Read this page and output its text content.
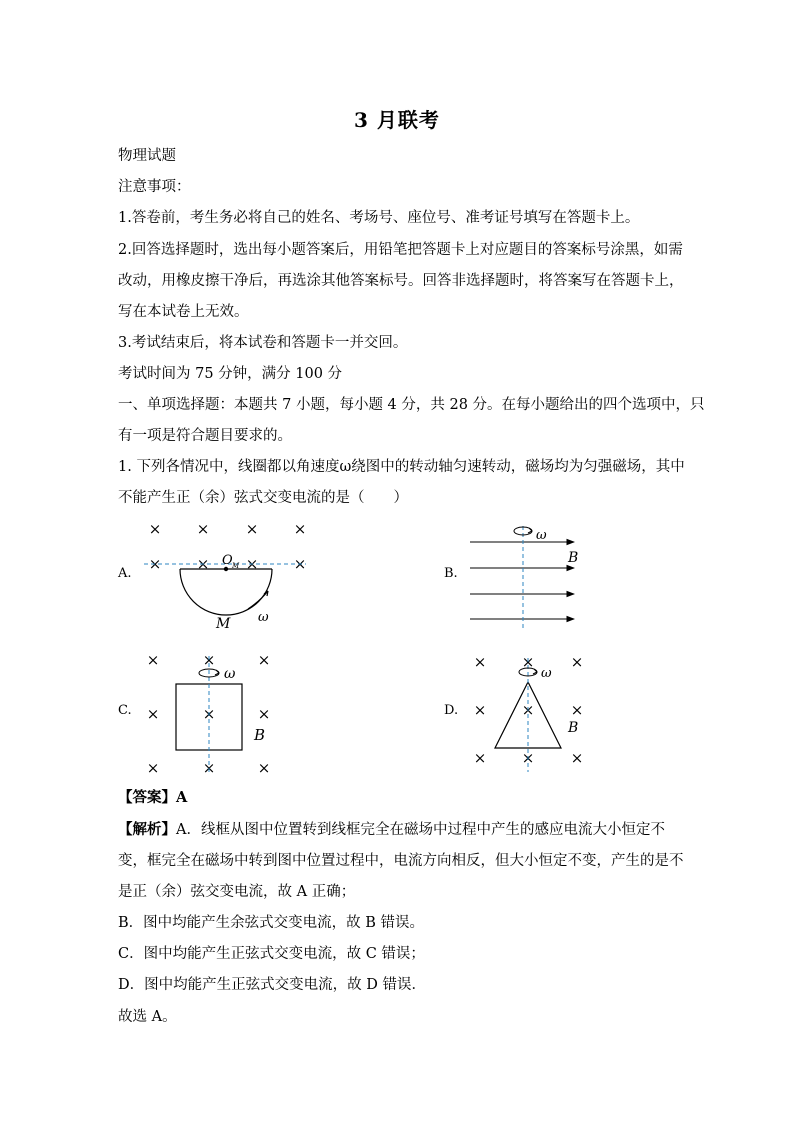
3 月联考
物理试题
注意事项：
1.答卷前，考生务必将自己的姓名、考场号、座位号、准考证号填写在答题卡上。
2.回答选择题时，选出每小题答案后，用铅笔把答题卡上对应题目的答案标号涂黑，如需
改动，用橡皮擦干净后，再选涂其他答案标号。回答非选择题时，将答案写在答题卡上，
写在本试卷上无效。
3.考试结束后，将本试卷和答题卡一并交回。
考试时间为 75 分钟，满分 100 分
一、单项选择题：本题共 7 小题，每小题 4 分，共 28 分。在每小题给出的四个选项中，只
有一项是符合题目要求的。
1. 下列各情况中，线圈都以角速度ω绕图中的转动轴匀速转动，磁场均为匀强磁场，其中
不能产生正（余）弦式交变电流的是（　　）
A.
× × × ×
× × × ×
O M
M ω
B.
ω
B
C.
×	×	×
×	×	×
×	×	×
ω
B
D.
× × ×
× × ×
× × ×
ω
B
【答案】A
【解析】A．线框从图中位置转到线框完全在磁场中过程中产生的感应电流大小恒定不
变，框完全在磁场中转到图中位置过程中，电流方向相反，但大小恒定不变，产生的是不
是正（余）弦交变电流，故 A 正确；
B．图中均能产生余弦式交变电流，故 B 错误。
C．图中均能产生正弦式交变电流，故 C 错误；
D．图中均能产生正弦式交变电流，故 D 错误．
故选 A。
